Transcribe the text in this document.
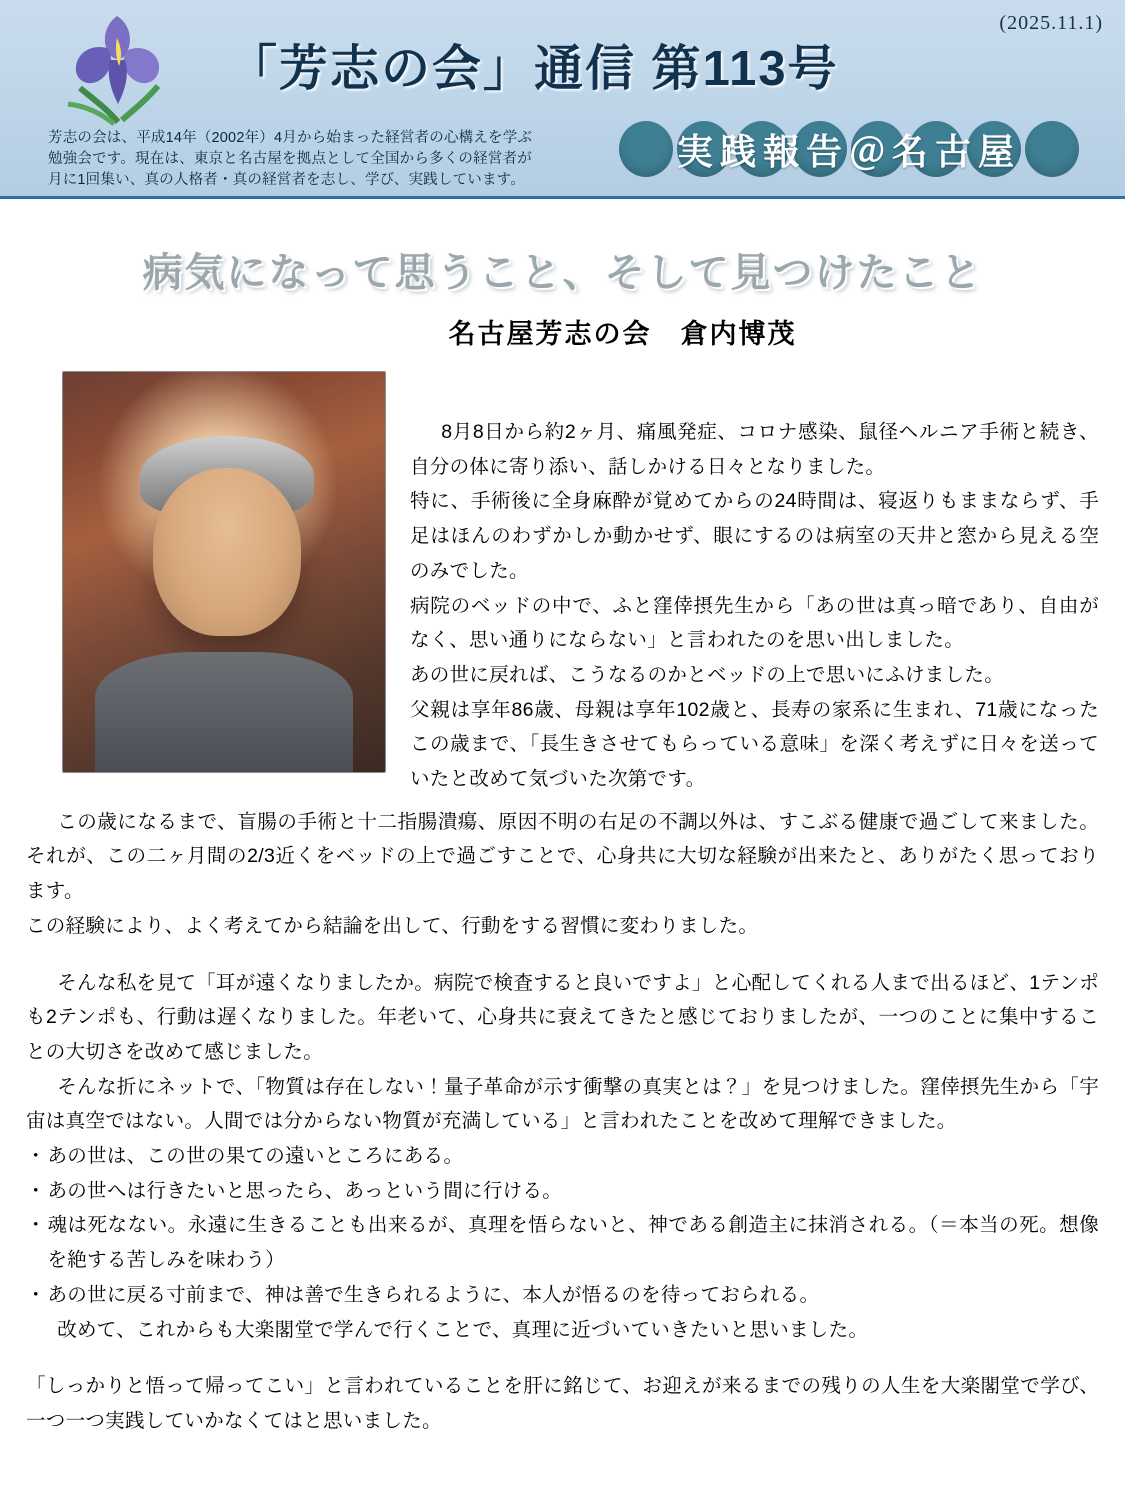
(2025.11.1)
「芳志の会」通信 第113号
芳志の会は、平成14年（2002年）4月から始まった経営者の心構えを学ぶ勉強会です。現在は、東京と名古屋を拠点として全国から多くの経営者が月に1回集い、真の人格者・真の経営者を志し、学び、実践しています。
実践報告＠名古屋
病気になって思うこと、そして見つけたこと
名古屋芳志の会　倉内博茂

8月8日から約2ヶ月、痛風発症、コロナ感染、鼠径ヘルニア手術と続き、自分の体に寄り添い、話しかける日々となりました。

特に、手術後に全身麻酔が覚めてからの24時間は、寝返りもままならず、手足はほんのわずかしか動かせず、眼にするのは病室の天井と窓から見える空のみでした。

病院のベッドの中で、ふと窪倖摂先生から「あの世は真っ暗であり、自由がなく、思い通りにならない」と言われたのを思い出しました。

あの世に戻れば、こうなるのかとベッドの上で思いにふけました。

父親は享年86歳、母親は享年102歳と、長寿の家系に生まれ、71歳になったこの歳まで、「長生きさせてもらっている意味」を深く考えずに日々を送っていたと改めて気づいた次第です。

この歳になるまで、盲腸の手術と十二指腸潰瘍、原因不明の右足の不調以外は、すこぶる健康で過ごして来ました。それが、この二ヶ月間の2/3近くをベッドの上で過ごすことで、心身共に大切な経験が出来たと、ありがたく思っております。

この経験により、よく考えてから結論を出して、行動をする習慣に変わりました。

そんな私を見て「耳が遠くなりましたか。病院で検査すると良いですよ」と心配してくれる人まで出るほど、1テンポも2テンポも、行動は遅くなりました。年老いて、心身共に衰えてきたと感じておりましたが、一つのことに集中することの大切さを改めて感じました。

そんな折にネットで、「物質は存在しない！量子革命が示す衝撃の真実とは？」を見つけました。窪倖摂先生から「宇宙は真空ではない。人間では分からない物質が充満している」と言われたことを改めて理解できました。

・ あの世は、この世の果ての遠いところにある。
・ あの世へは行きたいと思ったら、あっという間に行ける。
・ 魂は死なない。永遠に生きることも出来るが、真理を悟らないと、神である創造主に抹消される。（＝本当の死。想像を絶する苦しみを味わう）
・ あの世に戻る寸前まで、神は善で生きられるように、本人が悟るのを待っておられる。

改めて、これからも大楽閣堂で学んで行くことで、真理に近づいていきたいと思いました。

「しっかりと悟って帰ってこい」と言われていることを肝に銘じて、お迎えが来るまでの残りの人生を大楽閣堂で学び、一つ一つ実践していかなくてはと思いました。
